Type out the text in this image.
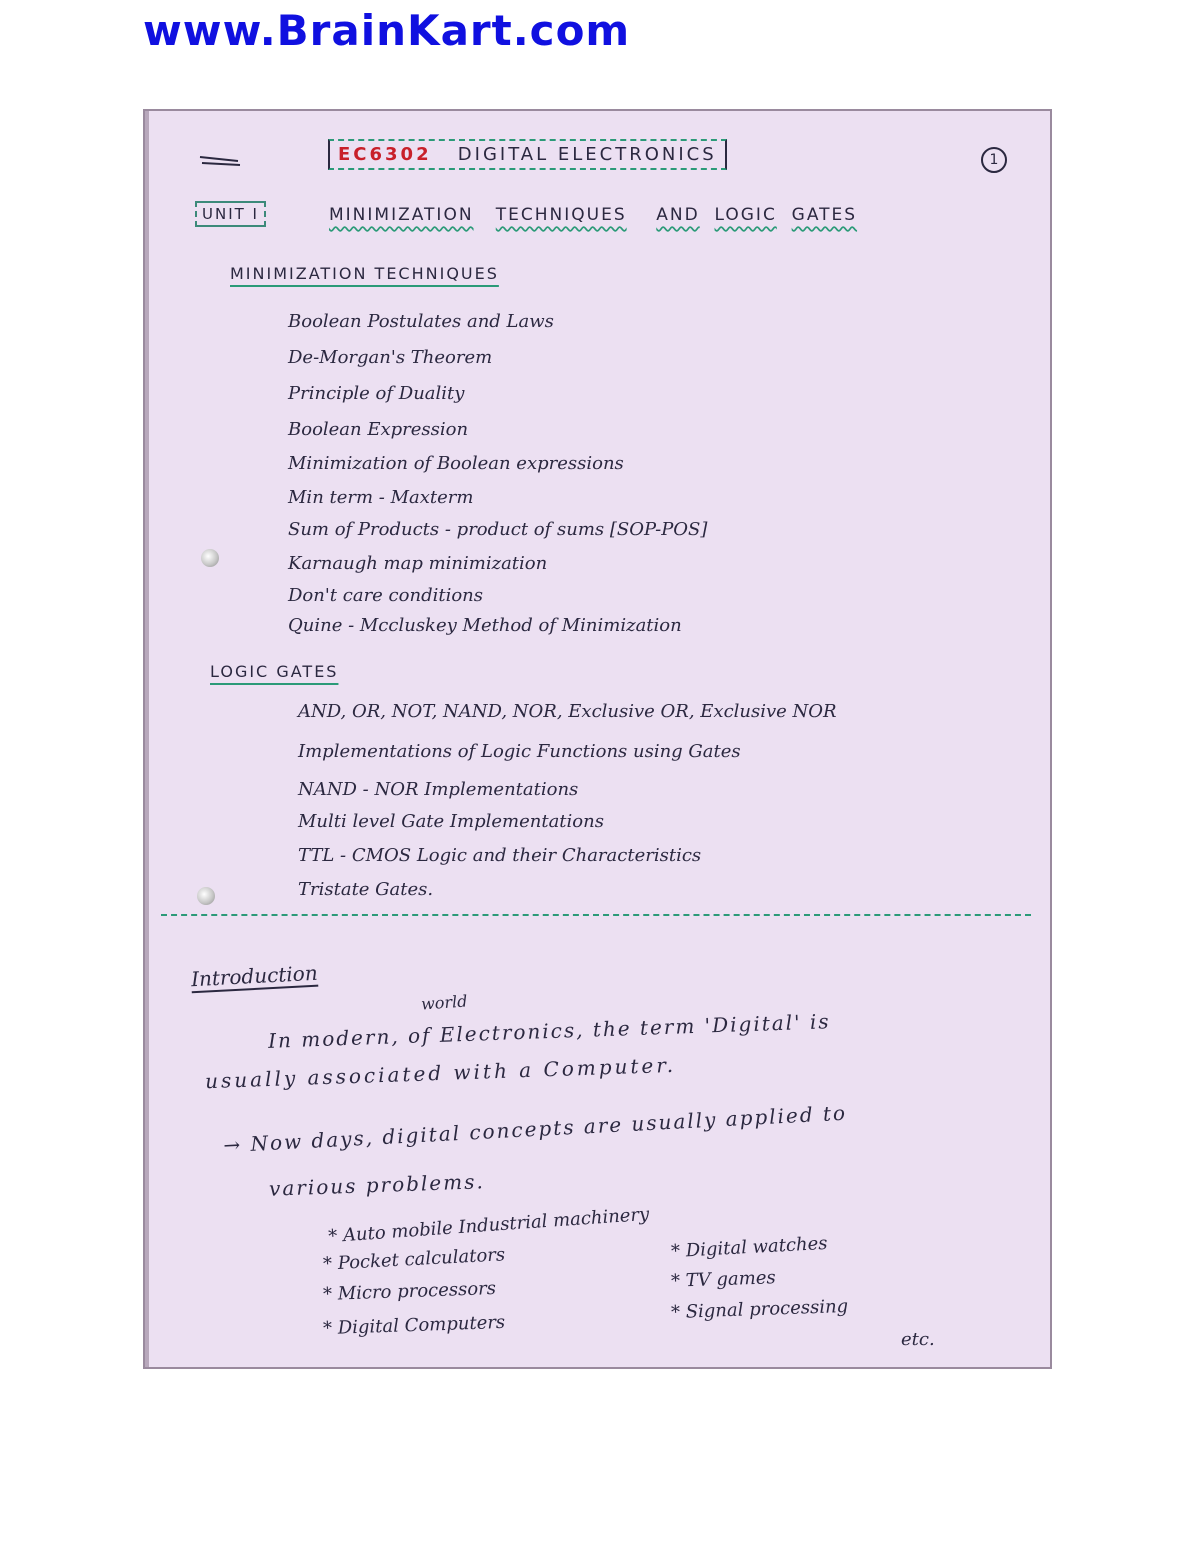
www.BrainKart.com
EC6302 DIGITAL ELECTRONICS	1
UNIT I	MINIMIZATION TECHNIQUES AND LOGIC GATES
MINIMIZATION TECHNIQUES
Boolean Postulates and Laws
De-Morgan's Theorem
Principle of Duality
Boolean Expression
Minimization of Boolean expressions
Min term - Maxterm
Sum of Products - product of sums [SOP-POS]
Karnaugh map minimization
Don't care conditions
Quine - Mccluskey Method of Minimization
LOGIC GATES
AND, OR, NOT, NAND, NOR, Exclusive OR, Exclusive NOR
Implementations of Logic Functions using Gates
NAND - NOR Implementations
Multi level Gate Implementations
TTL - CMOS Logic and their Characteristics
Tristate Gates.
Introduction
world
In modern, of Electronics, the term 'Digital' is
usually associated with a Computer.
→ Now days, digital concepts are usually applied to
various problems.
* Auto mobile Industrial machinery
* Pocket calculators
* Micro processors
* Digital Computers
* Digital watches
* TV games
* Signal processing
etc.
